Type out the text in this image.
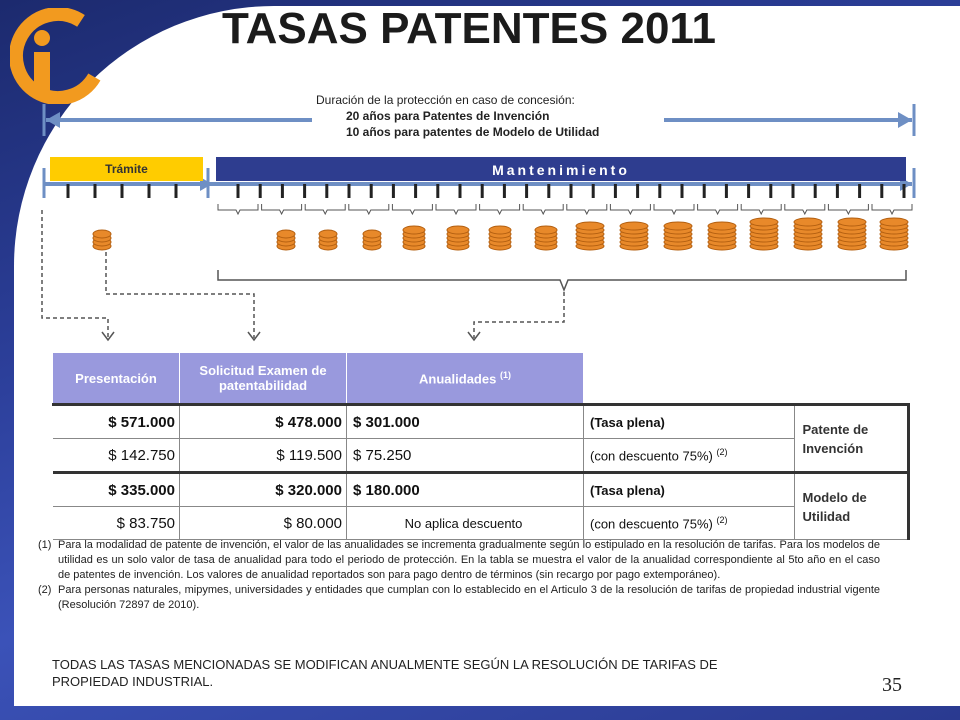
TASAS PATENTES 2011
Duración de la protección en caso de concesión:
20 años para Patentes de Invención
10 años para patentes de Modelo de Utilidad
Trámite	Mantenimiento
Presentación	Solicitud Examen de patentabilidad	Anualidades $^{(1)}$		
$ 571.000	$ 478.000	$ 301.000	(Tasa plena)	Patente de Invención
$ 142.750	$ 119.500	$ 75.250	(con descuento 75%) $^{(2)}$
$ 335.000	$ 320.000	$ 180.000	(Tasa plena)	Modelo de Utilidad
$ 83.750	$ 80.000	No aplica descuento	(con descuento 75%) $^{(2)}$
(1) Para la modalidad de patente de invención, el valor de las anualidades se incrementa gradualmente según lo estipulado en la resolución de tarifas. Para los modelos de utilidad es un solo valor de tasa de anualidad para todo el periodo de protección. En la tabla se muestra el valor de la anualidad correspondiente al 5to año en el caso de patentes de invención. Los valores de anualidad reportados son para pago dentro de términos (sin recargo por pago extemporáneo).
(2) Para personas naturales, mipymes, universidades y entidades que cumplan con lo establecido en el Articulo 3 de la resolución de tarifas de propiedad industrial vigente (Resolución 72897 de 2010).
TODAS LAS TASAS MENCIONADAS SE MODIFICAN ANUALMENTE SEGÚN LA RESOLUCIÓN DE TARIFAS DE PROPIEDAD INDUSTRIAL.	35
